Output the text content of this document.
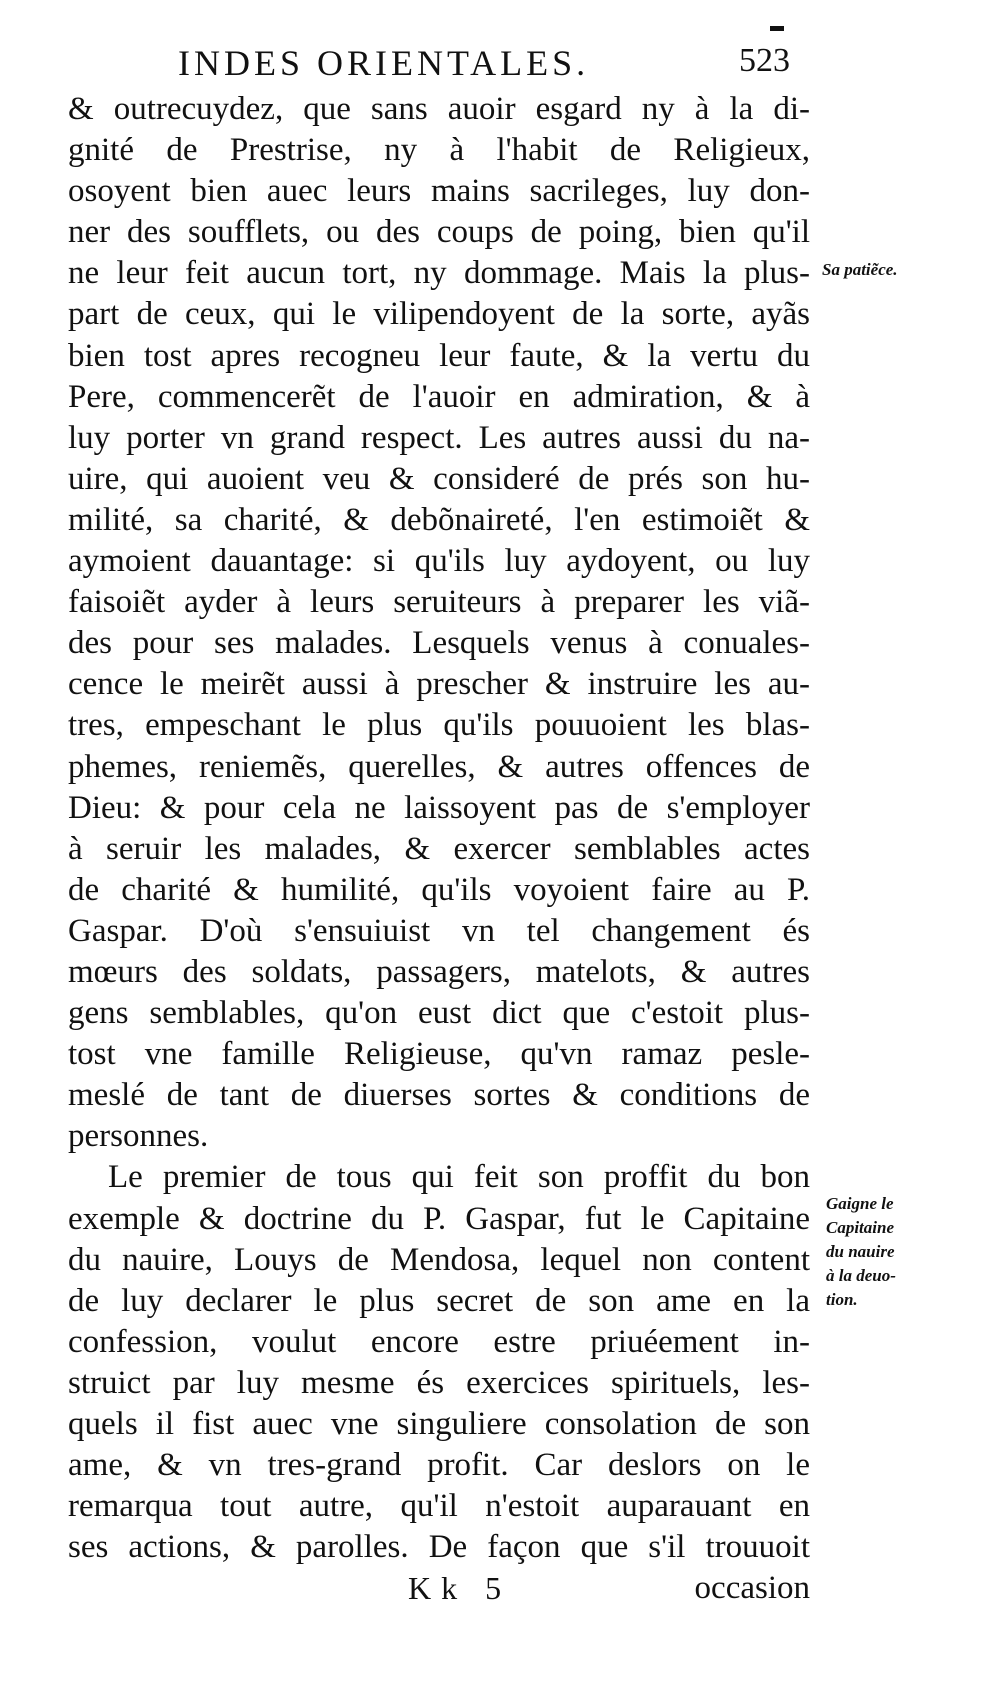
INDES ORIENTALES.	523
& outrecuydez, que sans auoir esgard ny à la di-
gnité de Prestrise, ny à l'habit de Religieux,
osoyent bien auec leurs mains sacrileges, luy don-
ner des soufflets, ou des coups de poing, bien qu'il
ne leur feit aucun tort, ny dommage. Mais la plus-
part de ceux, qui le vilipendoyent de la sorte, ayãs
bien tost apres recogneu leur faute, & la vertu du
Pere, commencerẽt de l'auoir en admiration, & à
luy porter vn grand respect. Les autres aussi du na-
uire, qui auoient veu & consideré de prés son hu-
milité, sa charité, & debõnaireté, l'en estimoiẽt &
aymoient dauantage: si qu'ils luy aydoyent, ou luy
faisoiẽt ayder à leurs seruiteurs à preparer les viã-
des pour ses malades. Lesquels venus à conuales-
cence le meirẽt aussi à prescher & instruire les au-
tres, empeschant le plus qu'ils pouuoient les blas-
phemes, reniemẽs, querelles, & autres offences de
Dieu: & pour cela ne laissoyent pas de s'employer
à seruir les malades, & exercer semblables actes
de charité & humilité, qu'ils voyoient faire au P.
Gaspar. D'où s'ensuiuist vn tel changement és
mœurs des soldats, passagers, matelots, & autres
gens semblables, qu'on eust dict que c'estoit plus-
tost vne famille Religieuse, qu'vn ramaz pesle-
meslé de tant de diuerses sortes & conditions de
personnes.
Le premier de tous qui feit son proffit du bon
exemple & doctrine du P. Gaspar, fut le Capitaine
du nauire, Louys de Mendosa, lequel non content
de luy declarer le plus secret de son ame en la
confession, voulut encore estre priuéement in-
struict par luy mesme és exercices spirituels, les-
quels il fist auec vne singuliere consolation de son
ame, & vn tres-grand profit. Car deslors on le
remarqua tout autre, qu'il n'estoit auparauant en
ses actions, & parolles. De façon que s'il trouuoit
Sa patiẽce.
Gaigne le
Capitaine
du nauire
à la deuo-
tion.
Kk 5	occasion
